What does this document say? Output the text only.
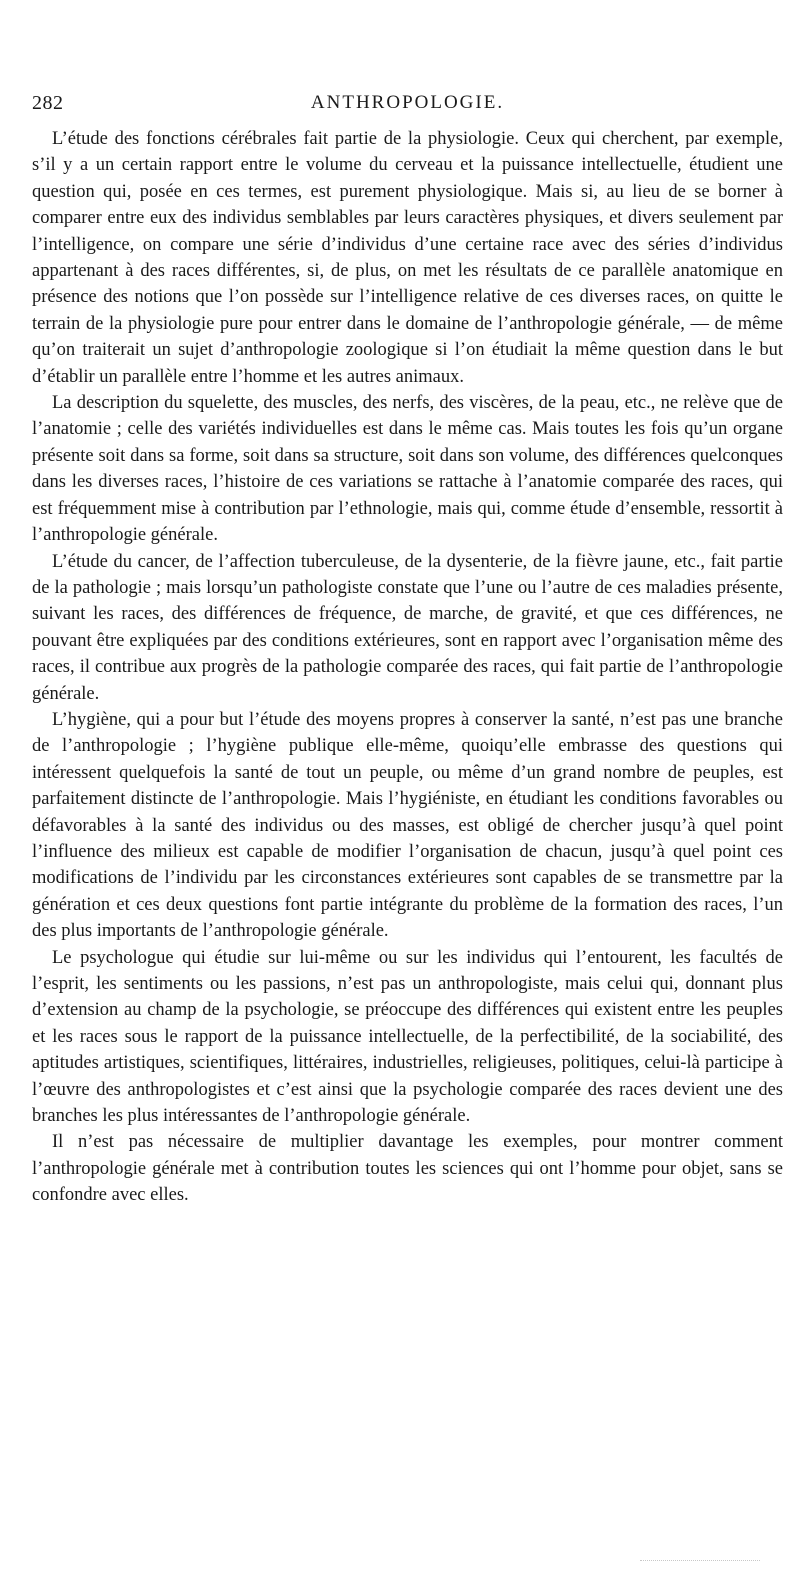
282	ANTHROPOLOGIE.

L’étude des fonctions cérébrales fait partie de la physiologie. Ceux qui cherchent, par exemple, s’il y a un certain rapport entre le volume du cerveau et la puissance intellectuelle, étudient une question qui, posée en ces termes, est purement physiologique. Mais si, au lieu de se borner à comparer entre eux des individus semblables par leurs caractères physiques, et divers seulement par l’intelligence, on compare une série d’individus d’une certaine race avec des séries d’individus appartenant à des races différentes, si, de plus, on met les résultats de ce parallèle anatomique en présence des notions que l’on possède sur l’intelligence relative de ces diverses races, on quitte le terrain de la physiologie pure pour entrer dans le domaine de l’anthropologie générale, — de même qu’on traiterait un sujet d’anthropologie zoologique si l’on étudiait la même question dans le but d’établir un parallèle entre l’homme et les autres animaux.

La description du squelette, des muscles, des nerfs, des viscères, de la peau, etc., ne relève que de l’anatomie ; celle des variétés individuelles est dans le même cas. Mais toutes les fois qu’un organe présente soit dans sa forme, soit dans sa structure, soit dans son volume, des différences quelconques dans les diverses races, l’histoire de ces variations se rattache à l’anatomie comparée des races, qui est fréquemment mise à contribution par l’ethnologie, mais qui, comme étude d’ensemble, ressortit à l’anthropologie générale.

L’étude du cancer, de l’affection tuberculeuse, de la dysenterie, de la fièvre jaune, etc., fait partie de la pathologie ; mais lorsqu’un pathologiste constate que l’une ou l’autre de ces maladies présente, suivant les races, des différences de fréquence, de marche, de gravité, et que ces différences, ne pouvant être expliquées par des conditions extérieures, sont en rapport avec l’organisation même des races, il contribue aux progrès de la pathologie comparée des races, qui fait partie de l’anthropologie générale.

L’hygiène, qui a pour but l’étude des moyens propres à conserver la santé, n’est pas une branche de l’anthropologie ; l’hygiène publique elle-même, quoiqu’elle embrasse des questions qui intéressent quelquefois la santé de tout un peuple, ou même d’un grand nombre de peuples, est parfaitement distincte de l’anthropologie. Mais l’hygiéniste, en étudiant les conditions favorables ou défavorables à la santé des individus ou des masses, est obligé de chercher jusqu’à quel point l’influence des milieux est capable de modifier l’organisation de chacun, jusqu’à quel point ces modifications de l’individu par les circonstances extérieures sont capables de se transmettre par la génération et ces deux questions font partie intégrante du problème de la formation des races, l’un des plus importants de l’anthropologie générale.

Le psychologue qui étudie sur lui-même ou sur les individus qui l’entourent, les facultés de l’esprit, les sentiments ou les passions, n’est pas un anthropologiste, mais celui qui, donnant plus d’extension au champ de la psychologie, se préoccupe des différences qui existent entre les peuples et les races sous le rapport de la puissance intellectuelle, de la perfectibilité, de la sociabilité, des aptitudes artistiques, scientifiques, littéraires, industrielles, religieuses, politiques, celui-là participe à l’œuvre des anthropologistes et c’est ainsi que la psychologie comparée des races devient une des branches les plus intéressantes de l’anthropologie générale.

Il n’est pas nécessaire de multiplier davantage les exemples, pour montrer comment l’anthropologie générale met à contribution toutes les sciences qui ont l’homme pour objet, sans se confondre avec elles.
